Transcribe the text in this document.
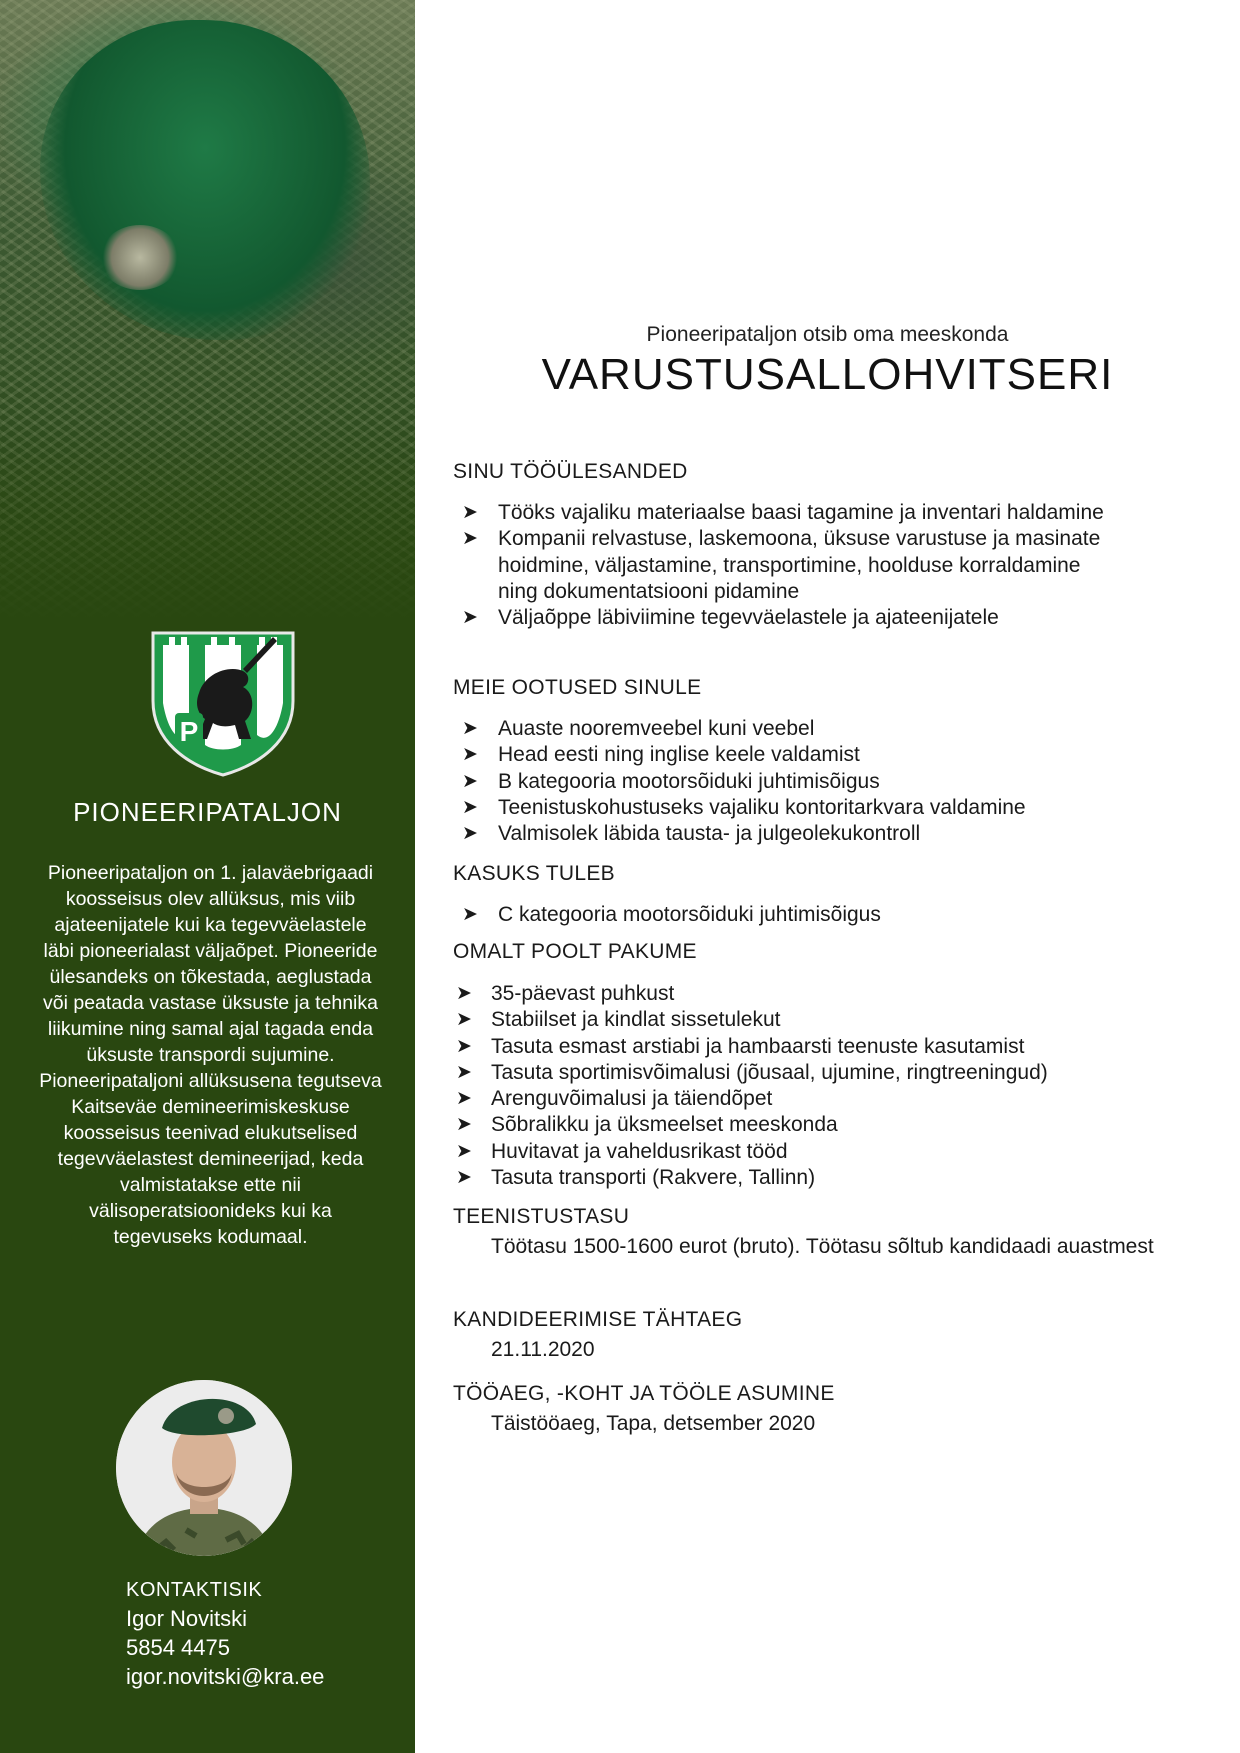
P
PIONEERIPATALJON

Pioneeripataljon on 1. jalaväebrigaadi koosseisus olev allüksus, mis viib ajateenijatele kui ka tegevväelastele läbi pioneerialast väljaõpet. Pioneeride ülesandeks on tõkestada, aeglustada või peatada vastase üksuste ja tehnika liikumine ning samal ajal tagada enda üksuste transpordi sujumine. Pioneeripataljoni allüksusena tegutseva Kaitseväe demineerimiskeskuse koosseisus teenivad elukutselised tegevväelastest demineerijad, keda valmistatakse ette nii välisoperatsioonideks kui ka tegevuseks kodumaal.

KONTAKTISIK
Igor Novitski
5854 4475
igor.novitski@kra.ee
Pioneeripataljon otsib oma meeskonda
VARUSTUSALLOHVITSERI
SINU TÖÖÜLESANDED
➤ Tööks vajaliku materiaalse baasi tagamine ja inventari haldamine
➤ Kompanii relvastuse, laskemoona, üksuse varustuse ja masinate hoidmine, väljastamine, transportimine, hoolduse korraldamine ning dokumentatsiooni pidamine
➤ Väljaõppe läbiviimine tegevväelastele ja ajateenijatele
MEIE OOTUSED SINULE
➤ Auaste nooremveebel kuni veebel
➤ Head eesti ning inglise keele valdamist
➤ B kategooria mootorsõiduki juhtimisõigus
➤ Teenistuskohustuseks vajaliku kontoritarkvara valdamine
➤ Valmisolek läbida tausta- ja julgeolekukontroll
KASUKS TULEB
➤ C kategooria mootorsõiduki juhtimisõigus
OMALT POOLT PAKUME
➤ 35-päevast puhkust
➤ Stabiilset ja kindlat sissetulekut
➤ Tasuta esmast arstiabi ja hambaarsti teenuste kasutamist
➤ Tasuta sportimisvõimalusi (jõusaal, ujumine, ringtreeningud)
➤ Arenguvõimalusi ja täiendõpet
➤ Sõbralikku ja üksmeelset meeskonda
➤ Huvitavat ja vaheldusrikast tööd
➤ Tasuta transporti (Rakvere, Tallinn)
TEENISTUSTASU

Töötasu 1500-1600 eurot (bruto). Töötasu sõltub kandidaadi auastmest

KANDIDEERIMISE TÄHTAEG
21.11.2020
TÖÖAEG, -KOHT JA TÖÖLE ASUMINE
Täistööaeg, Tapa, detsember 2020
